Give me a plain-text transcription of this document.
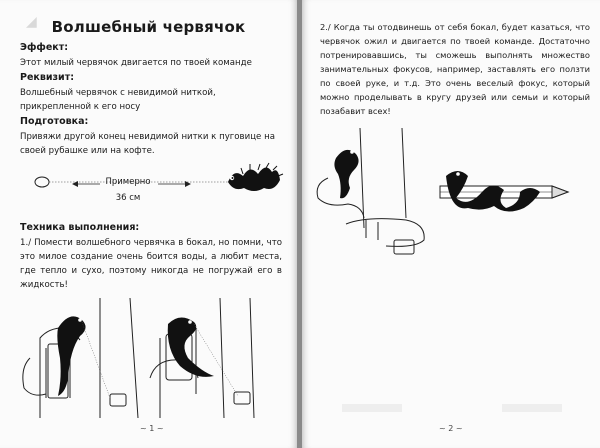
◢ Волшебный червячок
Эффект:
Этот милый червячок двигается по твоей команде
Реквизит:
Волшебный червячок с невидимой ниткой, прикрепленной к его носу
Подготовка:
Привяжи другой конец невидимой нитки к пуговице на своей рубашке или на кофте.
Примерно
36 см
Техника выполнения:
1./ Помести волшебного червячка в бокал, но помни, что это милое создание очень боится воды, а любит места, где тепло и сухо, поэтому никогда не погружай его в жидкость!
~ 1 ~
2./ Когда ты отодвинешь от себя бокал, будет казаться, что червячок ожил и двигается по твоей команде. Достаточно потренировавшись, ты сможешь выполнять множество занимательных фокусов, например, заставлять его ползти по своей руке, и т.д. Это очень веселый фокус, который можно проделывать в кругу друзей или семьи и который позабавит всех!
~ 2 ~
